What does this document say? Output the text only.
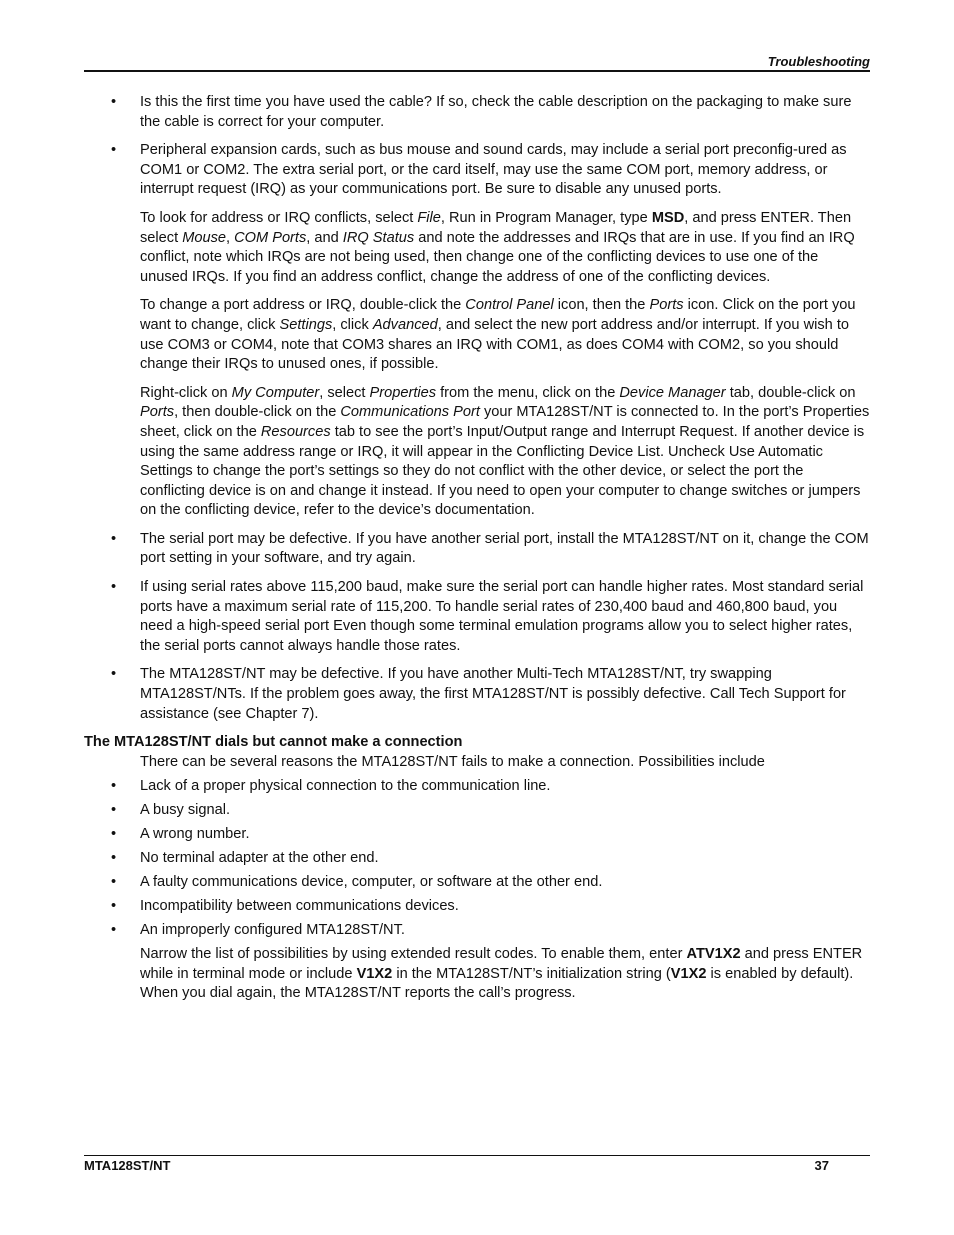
Troubleshooting
• Is this the first time you have used the cable? If so, check the cable description on the packaging to make sure the cable is correct for your computer.
• Peripheral expansion cards, such as bus mouse and sound cards, may include a serial port preconfig-ured as COM1 or COM2. The extra serial port, or the card itself, may use the same COM port, memory address, or interrupt request (IRQ) as your communications port. Be sure to disable any unused ports.

To look for address or IRQ conflicts, select File, Run in Program Manager, type MSD, and press ENTER. Then select Mouse, COM Ports, and IRQ Status and note the addresses and IRQs that are in use. If you find an IRQ conflict, note which IRQs are not being used, then change one of the conflicting devices to use one of the unused IRQs. If you find an address conflict, change the address of one of the conflicting devices.

To change a port address or IRQ, double-click the Control Panel icon, then the Ports icon. Click on the port you want to change, click Settings, click Advanced, and select the new port address and/or interrupt. If you wish to use COM3 or COM4, note that COM3 shares an IRQ with COM1, as does COM4 with COM2, so you should change their IRQs to unused ones, if possible.

Right-click on My Computer, select Properties from the menu, click on the Device Manager tab, double-click on Ports, then double-click on the Communications Port your MTA128ST/NT is connected to. In the port’s Properties sheet, click on the Resources tab to see the port’s Input/Output range and Interrupt Request. If another device is using the same address range or IRQ, it will appear in the Conflicting Device List. Uncheck Use Automatic Settings to change the port’s settings so they do not conflict with the other device, or select the port the conflicting device is on and change it instead. If you need to open your computer to change switches or jumpers on the conflicting device, refer to the device’s documentation.

• The serial port may be defective. If you have another serial port, install the MTA128ST/NT on it, change the COM port setting in your software, and try again.
• If using serial rates above 115,200 baud, make sure the serial port can handle higher rates. Most standard serial ports have a maximum serial rate of 115,200. To handle serial rates of 230,400 baud and 460,800 baud, you need a high-speed serial port Even though some terminal emulation programs allow you to select higher rates, the serial ports cannot always handle those rates.
• The MTA128ST/NT may be defective. If you have another Multi-Tech MTA128ST/NT, try swapping MTA128ST/NTs. If the problem goes away, the first MTA128ST/NT is possibly defective. Call Tech Support for assistance (see Chapter 7).
The MTA128ST/NT dials but cannot make a connection
There can be several reasons the MTA128ST/NT fails to make a connection. Possibilities include
• Lack of a proper physical connection to the communication line.
• A busy signal.
• A wrong number.
• No terminal adapter at the other end.
• A faulty communications device, computer, or software at the other end.
• Incompatibility between communications devices.
• An improperly configured MTA128ST/NT.

Narrow the list of possibilities by using extended result codes. To enable them, enter ATV1X2 and press ENTER while in terminal mode or include V1X2 in the MTA128ST/NT’s initialization string (V1X2 is enabled by default). When you dial again, the MTA128ST/NT reports the call’s progress.

MTA128ST/NT	37
